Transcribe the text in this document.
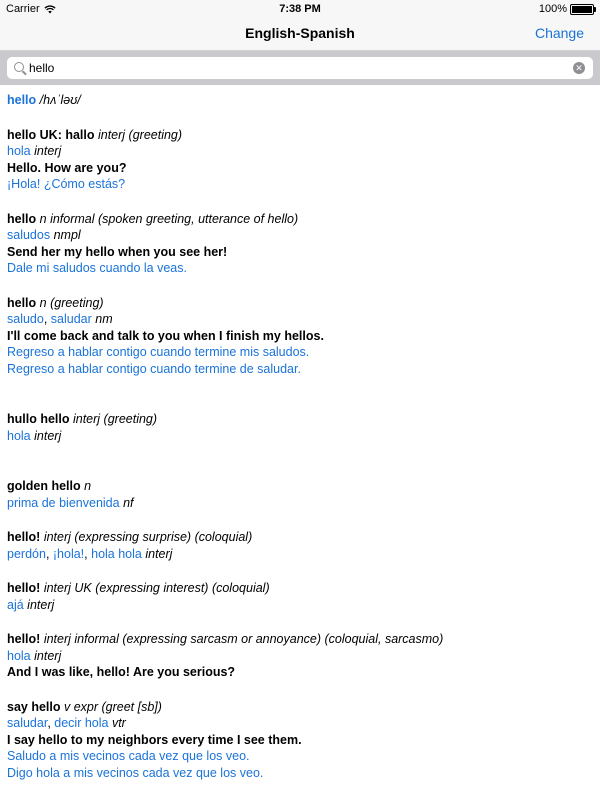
Carrier	7:38 PM	100%
English-Spanish	Change
hello
✕
hello /hʌˈləʊ/
hello UK: hallo interj (greeting)
hola interj
Hello. How are you?
¡Hola! ¿Cómo estás?
hello n informal (spoken greeting, utterance of hello)
saludos nmpl
Send her my hello when you see her!
Dale mi saludos cuando la veas.
hello n (greeting)
saludo, saludar nm
I'll come back and talk to you when I finish my hellos.
Regreso a hablar contigo cuando termine mis saludos.
Regreso a hablar contigo cuando termine de saludar.
hullo hello interj (greeting)
hola interj
golden hello n
prima de bienvenida nf
hello! interj (expressing surprise) (coloquial)
perdón, ¡hola!, hola hola interj
hello! interj UK (expressing interest) (coloquial)
ajá interj
hello! interj informal (expressing sarcasm or annoyance) (coloquial, sarcasmo)
hola interj
And I was like, hello! Are you serious?
say hello v expr (greet [sb])
saludar, decir hola vtr
I say hello to my neighbors every time I see them.
Saludo a mis vecinos cada vez que los veo.
Digo hola a mis vecinos cada vez que los veo.
